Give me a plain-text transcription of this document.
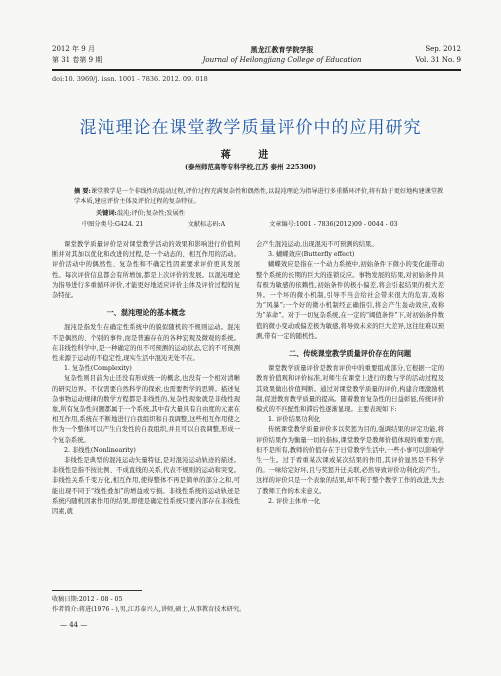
2012 年 9 月
第 31 卷第 9 期
黑龙江教育学院学报
Journal of Heilongjiang College of Education
Sep. 2012
Vol. 31 No. 9
doi:10. 3969/j. issn. 1001 - 7836. 2012. 09. 018
混沌理论在课堂教学质量评价中的应用研究
蒋 进
(泰州师范高等专科学校,江苏 泰州 225300)
摘 要:课堂教学是一个非线性的混动过程,评价过程充满复杂性和偶然性,以混沌理论为指导进行多重循环评价,将有助于更好地构建课堂教学本质,建应评价主体及评价过程的复杂特征。
关键词:混沌;评价;复杂性;发展性
中图分类号:G424. 21	文献标志码:A	文章编号:1001 - 7836(2012)09 - 0044 - 03

课堂教学质量评价是对课堂教学活动的效果和影响进行价值判断并对其加以优化和改进的过程,是一个动态的、相互作用的活动。评价活动中的偶然性、复杂性和不确定性因素要求评价更具发展性。每次评价信息都会有所增加,都是上次评价的发展。以混沌理论为指导进行多重循环评价,才能更好地适应评价主体及评价过程的复杂特征。

一、混沌理论的基本概念

混沌是指发生在确定性系统中的貌似随机的不规则运动。混沌不是偶然的、个别的事件,而是普遍存在的各种宏观及微观的系统。在非线性科学中,是一种确定的但不可预测的运动状态,它的不可预测性来源于运动的不稳定性,现实生活中混沌无处不在。

1. 复杂性(Complexity)

复杂性则目前为止还没有形成统一的概念,也没有一个相对清晰的研究边界。不仅需要自然科学的探索,也需要哲学的思辨。描述复杂事物运动规律的数学方程都是非线性的,复杂性现象就是非线性现象,所有复杂性问题都属于一个系统,其中有大量具有自由度的元素在相互作用,系统在不断地进行自我组织和自我调整,这些相互作用使之作为一个整体可以产生自发性的自我组织,并且可以自我调整,形成一个复杂系统。

2. 非线性(Nonlinearity)

非线性是典型的混沌运动矢量特征,是对混沌运动轨迹的描述。非线性是指不按比例、不成直线的关系,代表不规则的运动和突变。非线性关系千变万化,相互作用,使得整体不再是简单的部分之和,可能出现不同于“线性叠加”的增益或亏损。非线性系统的运动轨迹是系统内随机因素作用的结果,即使是确定性系统只要内部存在非线性因素,就

会产生混沌运动,出现混沌不可预测的结果。

3. 蝴蝶效应(Butterfly effect)

蝴蝶效应是指在一个动力系统中,初始条件下微小的变化能带动整个系统的长期的巨大的连锁反应。事物发展的结果,对初始条件具有极为敏感的依赖性,初始条件的极小偏差,将会引起结果的极大差异。一个坏的微小机制,引导不当会给社会带来很大的危害,戏称为“风暴”;一个好的微小机制经正确指引,将会产生轰动效应,戏称为“革命”。对于一切复杂系统,在一定的“阈值条件”下,对初始条件数值的微小变动或偏差极为敏感,将导致未来的巨大差异,这往往难以预测,带有一定的随机性。

二、传统课堂教学质量评价存在的问题

课堂教学质量评价是教育评价中的重要组成部分,它根据一定的教育价值观和评价标准,对师生在课堂上进行的教与学的活动过程及其效果做出价值判断。通过对课堂教学质量的评价,构建合理激励机制,促进教育教学质量的提高。随着教育复杂性的日益彰显,传统评价模式的不匹配性和滞后性逐渐显现。主要表现如下:

1. 评价结果功利化

传统课堂教学质量评价多以奖惩为目的,强调结果的评定功能,将评价结果作为衡量一切的指标,课堂教学是教师价值体现的重要方面,但不是所有,教师的价值存在于日常教学生活中,一些小事可以影响学生一生。过于看重某次课或某次结果的作用,其评价显然是不科学的。一味给定好坏,且与奖惩升迁关联,必然导致评价功利化的产生。这样的评价只是一个表象的结果,却不利于整个教学工作的改进,失去了教师工作的本来意义。

2. 评价主体单一化

收稿日期:2012 - 08 - 05
作者简介:蒋进(1976 - ),男,江苏泰兴人,讲师,硕士,从事教育技术研究。
— 44 —
